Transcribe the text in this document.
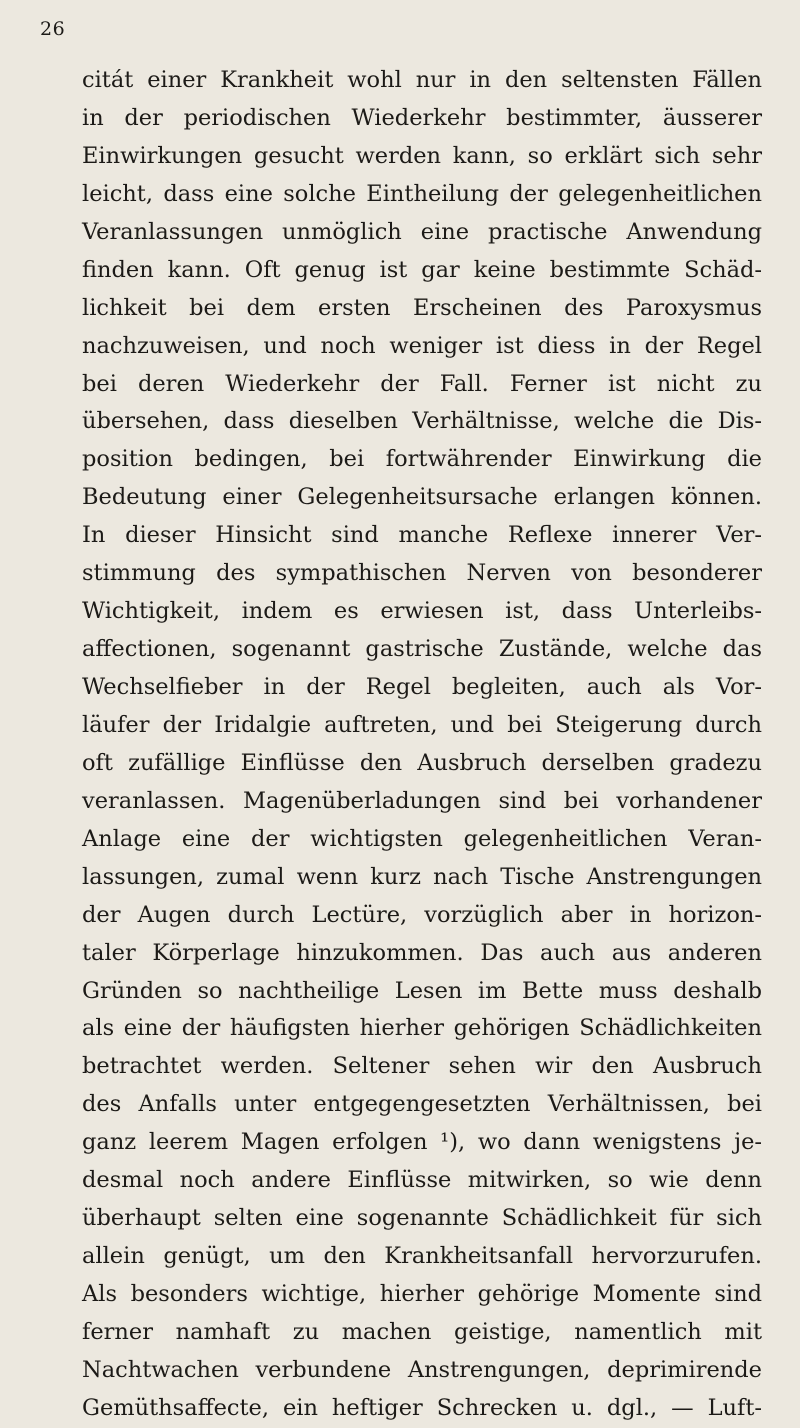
26
citát einer Krankheit wohl nur in den seltensten Fällen
in der periodischen Wiederkehr bestimmter, äusserer
Einwirkungen gesucht werden kann, so erklärt sich sehr
leicht, dass eine solche Eintheilung der gelegenheitlichen
Veranlassungen unmöglich eine practische Anwendung
finden kann. Oft genug ist gar keine bestimmte Schäd-
lichkeit bei dem ersten Erscheinen des Paroxysmus
nachzuweisen, und noch weniger ist diess in der Regel
bei deren Wiederkehr der Fall. Ferner ist nicht zu
übersehen, dass dieselben Verhältnisse, welche die Dis-
position bedingen, bei fortwährender Einwirkung die
Bedeutung einer Gelegenheitsursache erlangen können.
In dieser Hinsicht sind manche Reflexe innerer Ver-
stimmung des sympathischen Nerven von besonderer
Wichtigkeit, indem es erwiesen ist, dass Unterleibs-
affectionen, sogenannt gastrische Zustände, welche das
Wechselfieber in der Regel begleiten, auch als Vor-
läufer der Iridalgie auftreten, und bei Steigerung durch
oft zufällige Einflüsse den Ausbruch derselben gradezu
veranlassen. Magenüberladungen sind bei vorhandener
Anlage eine der wichtigsten gelegenheitlichen Veran-
lassungen, zumal wenn kurz nach Tische Anstrengungen
der Augen durch Lectüre, vorzüglich aber in horizon-
taler Körperlage hinzukommen. Das auch aus anderen
Gründen so nachtheilige Lesen im Bette muss deshalb
als eine der häufigsten hierher gehörigen Schädlichkeiten
betrachtet werden. Seltener sehen wir den Ausbruch
des Anfalls unter entgegengesetzten Verhältnissen, bei
ganz leerem Magen erfolgen ¹), wo dann wenigstens je-
desmal noch andere Einflüsse mitwirken, so wie denn
überhaupt selten eine sogenannte Schädlichkeit für sich
allein genügt, um den Krankheitsanfall hervorzurufen.
Als besonders wichtige, hierher gehörige Momente sind
ferner namhaft zu machen geistige, namentlich mit
Nachtwachen verbundene Anstrengungen, deprimirende
Gemüthsaffecte, ein heftiger Schrecken u. dgl., — Luft-
